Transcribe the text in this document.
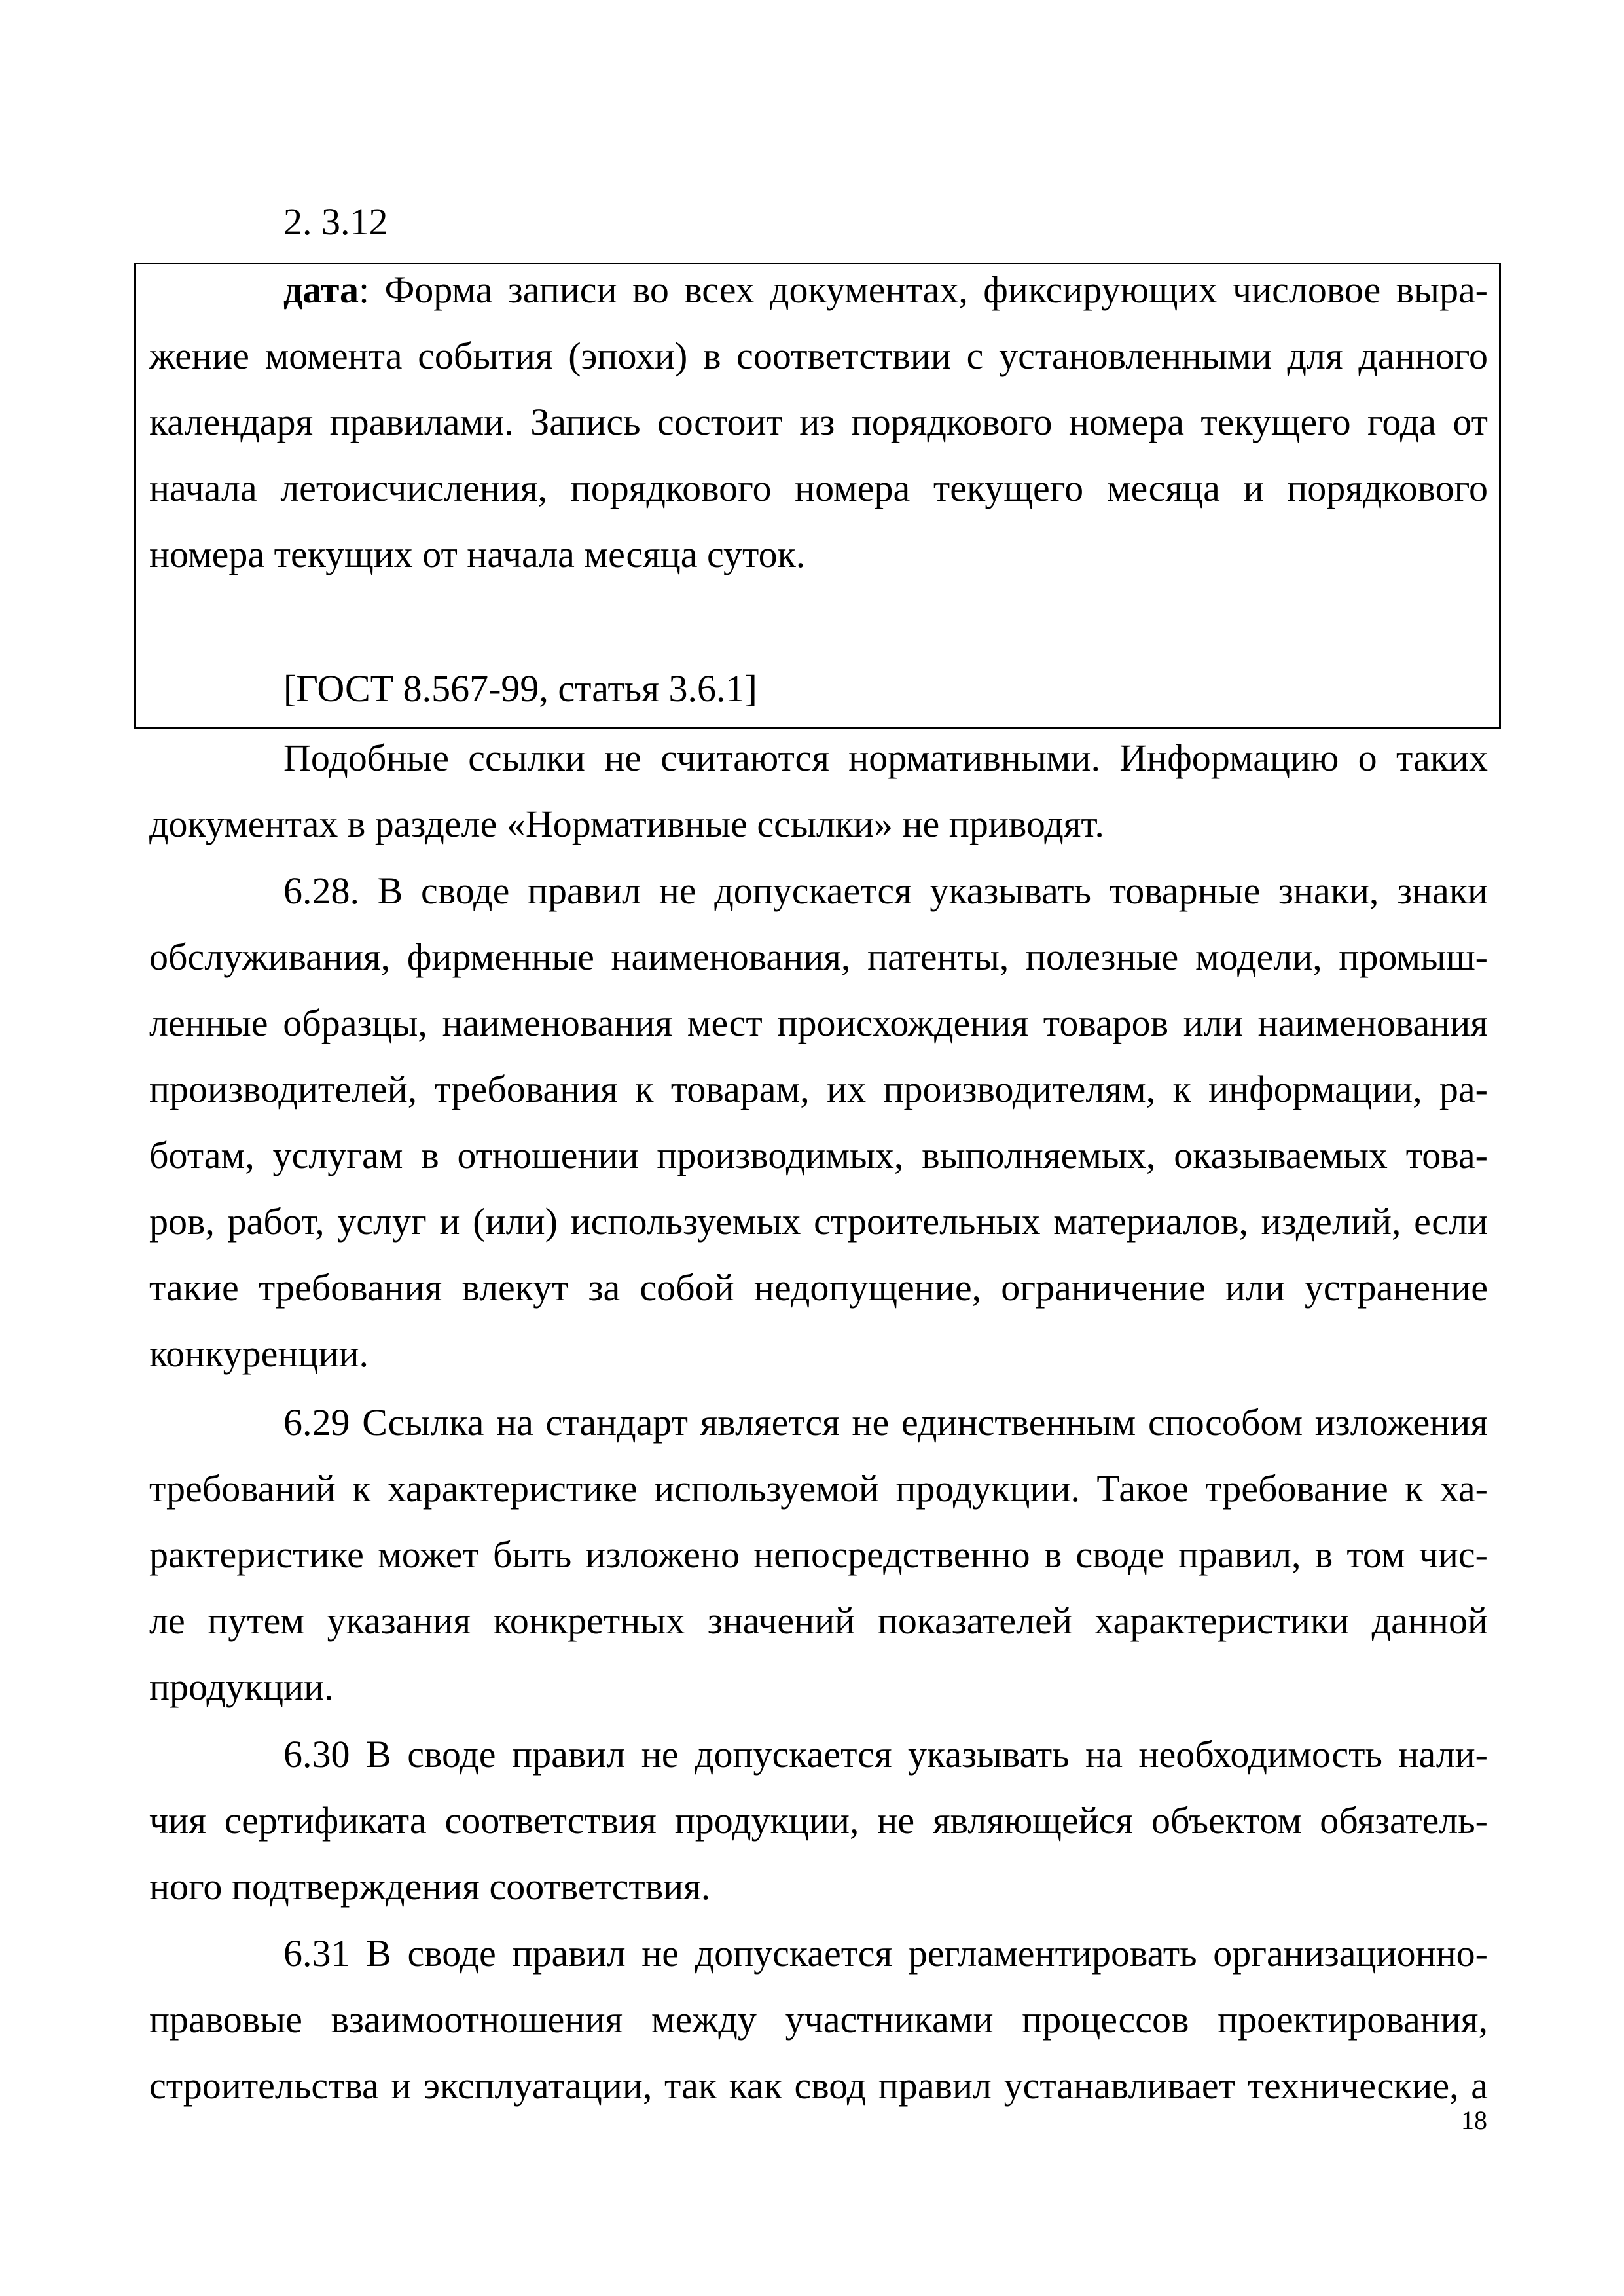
2. 3.12
дата: Форма записи во всех документах, фиксирующих числовое выра-
жение момента события (эпохи) в соответствии с установленными для данного
календаря правилами. Запись состоит из порядкового номера текущего года от
начала летоисчисления, порядкового номера текущего месяца и порядкового
номера текущих от начала месяца суток.
[ГОСТ 8.567-99, статья 3.6.1]
Подобные ссылки не считаются нормативными. Информацию о таких
документах в разделе «Нормативные ссылки» не приводят.
6.28. В своде правил не допускается указывать товарные знаки, знаки
обслуживания, фирменные наименования, патенты, полезные модели, промыш-
ленные образцы, наименования мест происхождения товаров или наименования
производителей, требования к товарам, их производителям, к информации, ра-
ботам, услугам в отношении производимых, выполняемых, оказываемых това-
ров, работ, услуг и (или) используемых строительных материалов, изделий, если
такие требования влекут за собой недопущение, ограничение или устранение
конкуренции.
6.29 Ссылка на стандарт является не единственным способом изложения
требований к характеристике используемой продукции. Такое требование к ха-
рактеристике может быть изложено непосредственно в своде правил, в том чис-
ле путем указания конкретных значений показателей характеристики данной
продукции.
6.30 В своде правил не допускается указывать на необходимость нали-
чия сертификата соответствия продукции, не являющейся объектом обязатель-
ного подтверждения соответствия.
6.31 В своде правил не допускается регламентировать организационно-
правовые взаимоотношения между участниками процессов проектирования,
строительства и эксплуатации, так как свод правил устанавливает технические, а
18
